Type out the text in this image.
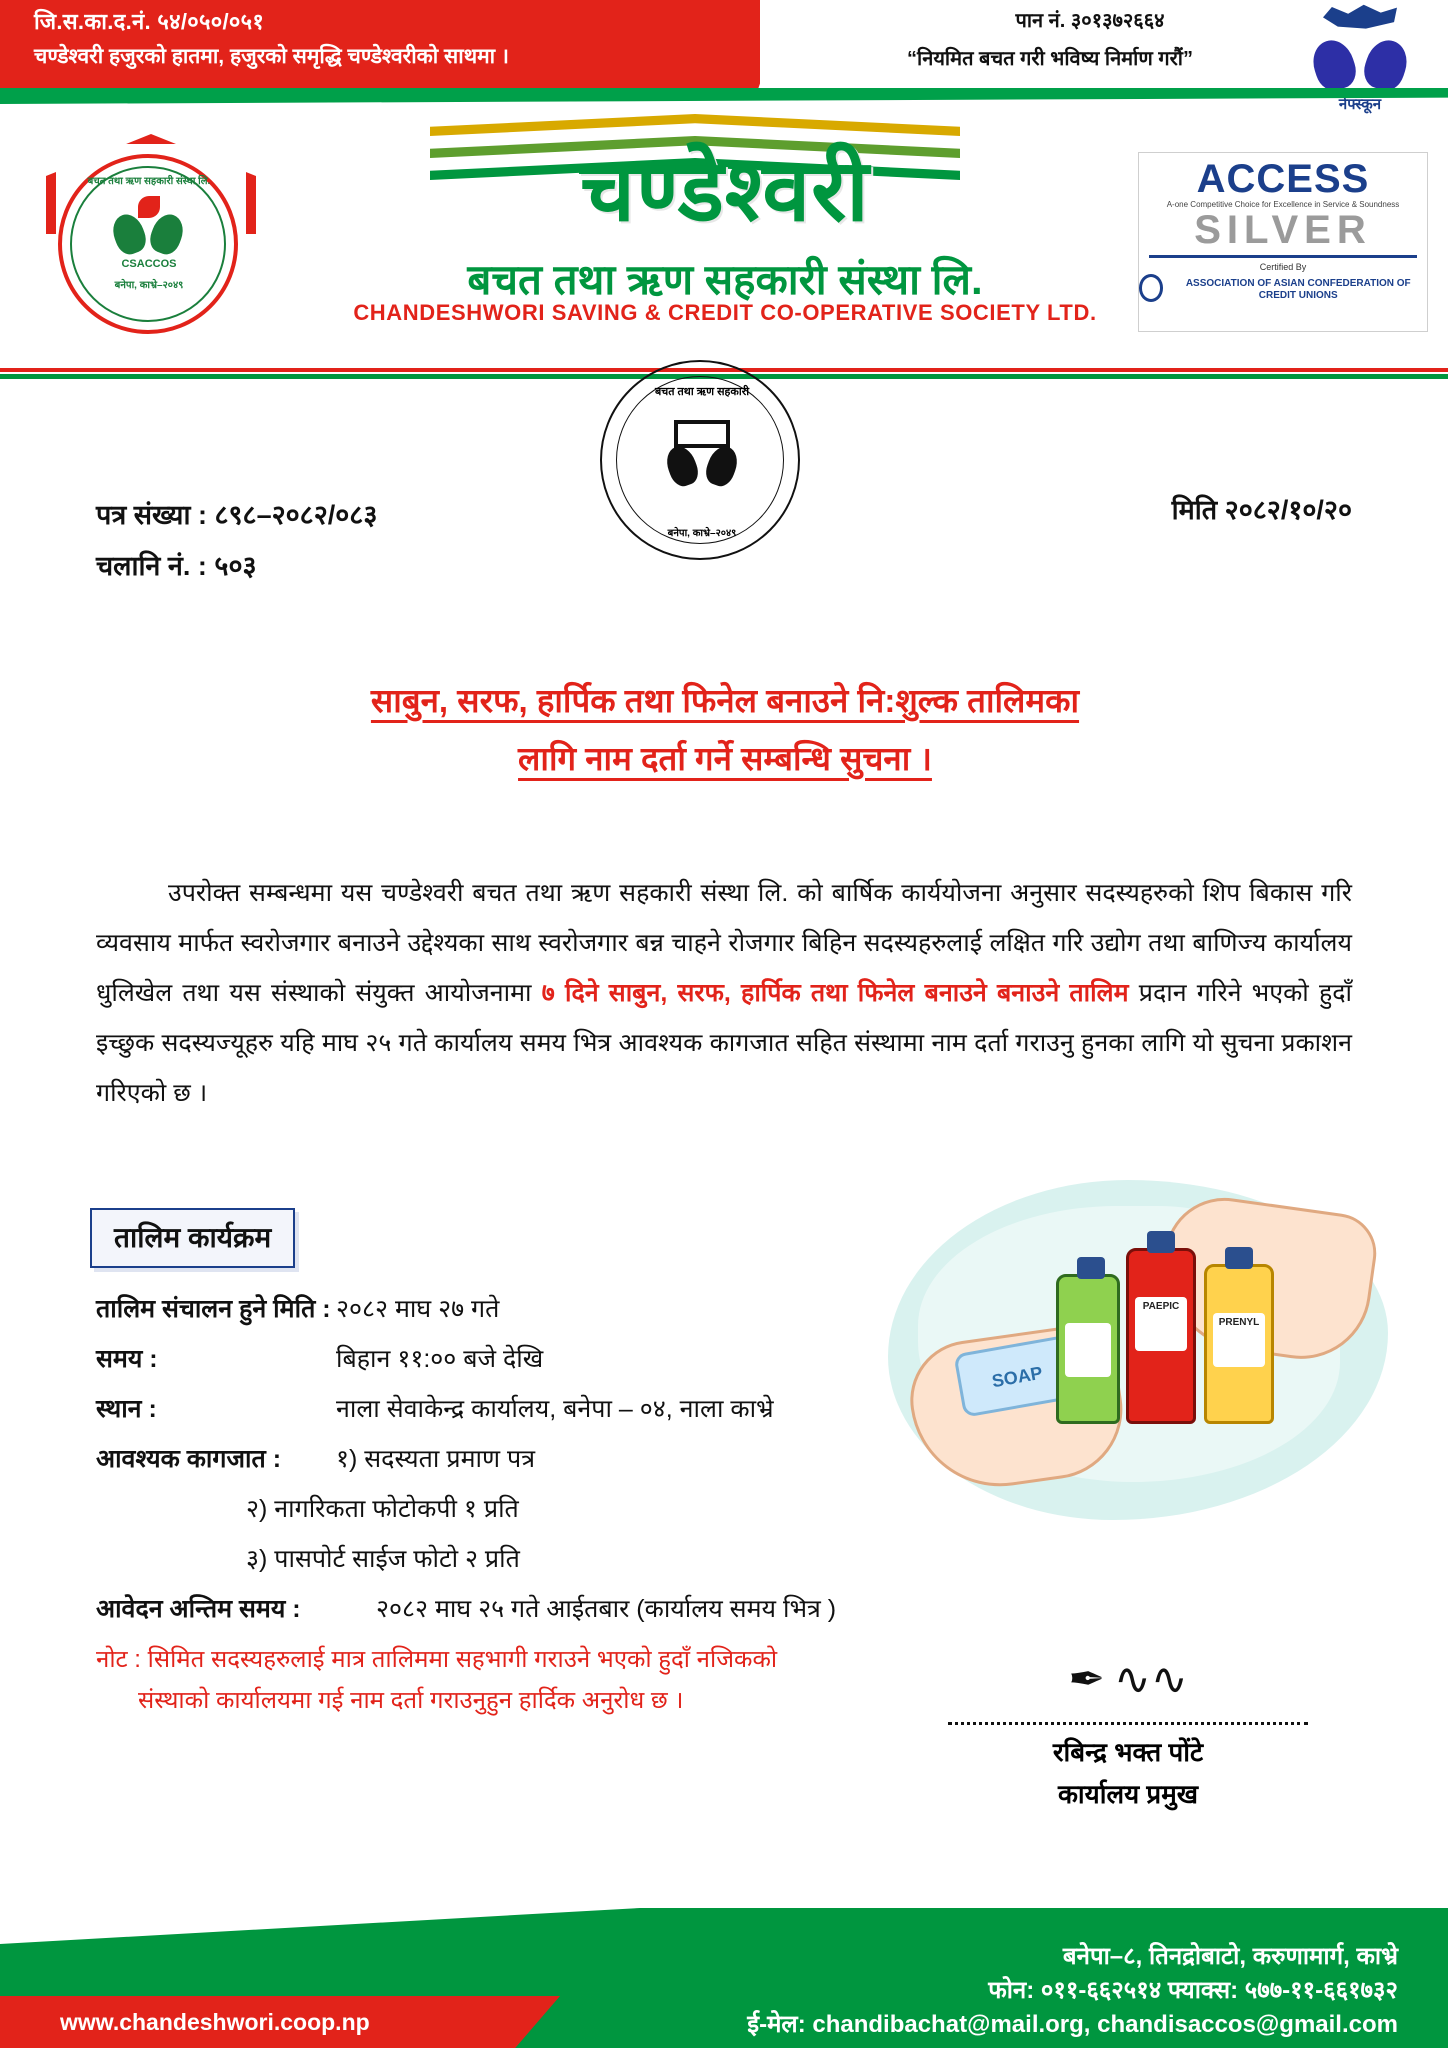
जि.स.का.द.नं. ५४/०५०/०५१
चण्डेश्वरी हजुरको हातमा, हजुरको समृद्धि चण्डेश्वरीको साथमा ।
पान नं. ३०१३७२६६४
“नियमित बचत गरी भविष्य निर्माण गरौं”
नेफ्स्कून
बचत तथा ऋण सहकारी संस्था लि.
CSACCOS
बनेपा, काभ्रे–२०४९
चण्डेश्वरी
बचत तथा ऋण सहकारी संस्था लि.
CHANDESHWORI SAVING & CREDIT CO-OPERATIVE SOCIETY LTD.
ACCESS
A-one Competitive Choice for Excellence in Service & Soundness
SILVER
Certified By
ASSOCIATION OF ASIAN CONFEDERATION OF CREDIT UNIONS
बचत तथा ऋण सहकारी
बनेपा, काभ्रे–२०४९
पत्र संख्या : ८९८–२०८२/०८३
चलानि नं. : ५०३
मिति २०८२/१०/२०
साबुन, सरफ, हार्पिक तथा फिनेल बनाउने नि:शुल्क तालिमका
लागि नाम दर्ता गर्ने सम्बन्धि सुचना ।
उपरोक्त सम्बन्धमा यस चण्डेश्वरी बचत तथा ऋण सहकारी संस्था लि. को बार्षिक कार्ययोजना अनुसार सदस्यहरुको शिप बिकास गरि व्यवसाय मार्फत स्वरोजगार बनाउने उद्देश्यका साथ स्वरोजगार बन्न चाहने रोजगार बिहिन सदस्यहरुलाई लक्षित गरि उद्योग तथा बाणिज्य कार्यालय धुलिखेल तथा यस संस्थाको संयुक्त आयोजनामा ७ दिने साबुन, सरफ, हार्पिक तथा फिनेल बनाउने बनाउने तालिम प्रदान गरिने भएको हुदाँ इच्छुक सदस्यज्यूहरु यहि माघ २५ गते कार्यालय समय भित्र आवश्यक कागजात सहित संस्थामा नाम दर्ता गराउनु हुनका लागि यो सुचना प्रकाशन गरिएको छ ।
तालिम कार्यक्रम
SOAP
PAEPIC
PRENYL
तालिम संचालन हुने मिति : २०८२ माघ २७ गते
समय :	बिहान ११:०० बजे देखि
स्थान :	नाला सेवाकेन्द्र कार्यालय, बनेपा – ०४, नाला काभ्रे
आवश्यक कागजात :	१) सदस्यता प्रमाण पत्र
२) नागरिकता फोटोकपी १ प्रति
३) पासपोर्ट साईज फोटो २ प्रति
आवेदन अन्तिम समय :	२०८२ माघ २५ गते आईतबार (कार्यालय समय भित्र )
नोट : सिमित सदस्यहरुलाई मात्र तालिममा सहभागी गराउने भएको हुदाँ नजिकको
संस्थाको कार्यालयमा गई नाम दर्ता गराउनुहुन हार्दिक अनुरोध छ ।	✒ ∿∿
रबिन्द्र भक्त पोंटे
कार्यालय प्रमुख
www.chandeshwori.coop.np
बनेपा–८, तिनद्रोबाटो, करुणामार्ग, काभ्रे
फोन: ०११-६६२५१४ फ्याक्स: ५७७-११-६६१७३२
ई-मेल: chandibachat@mail.org, chandisaccos@gmail.com
